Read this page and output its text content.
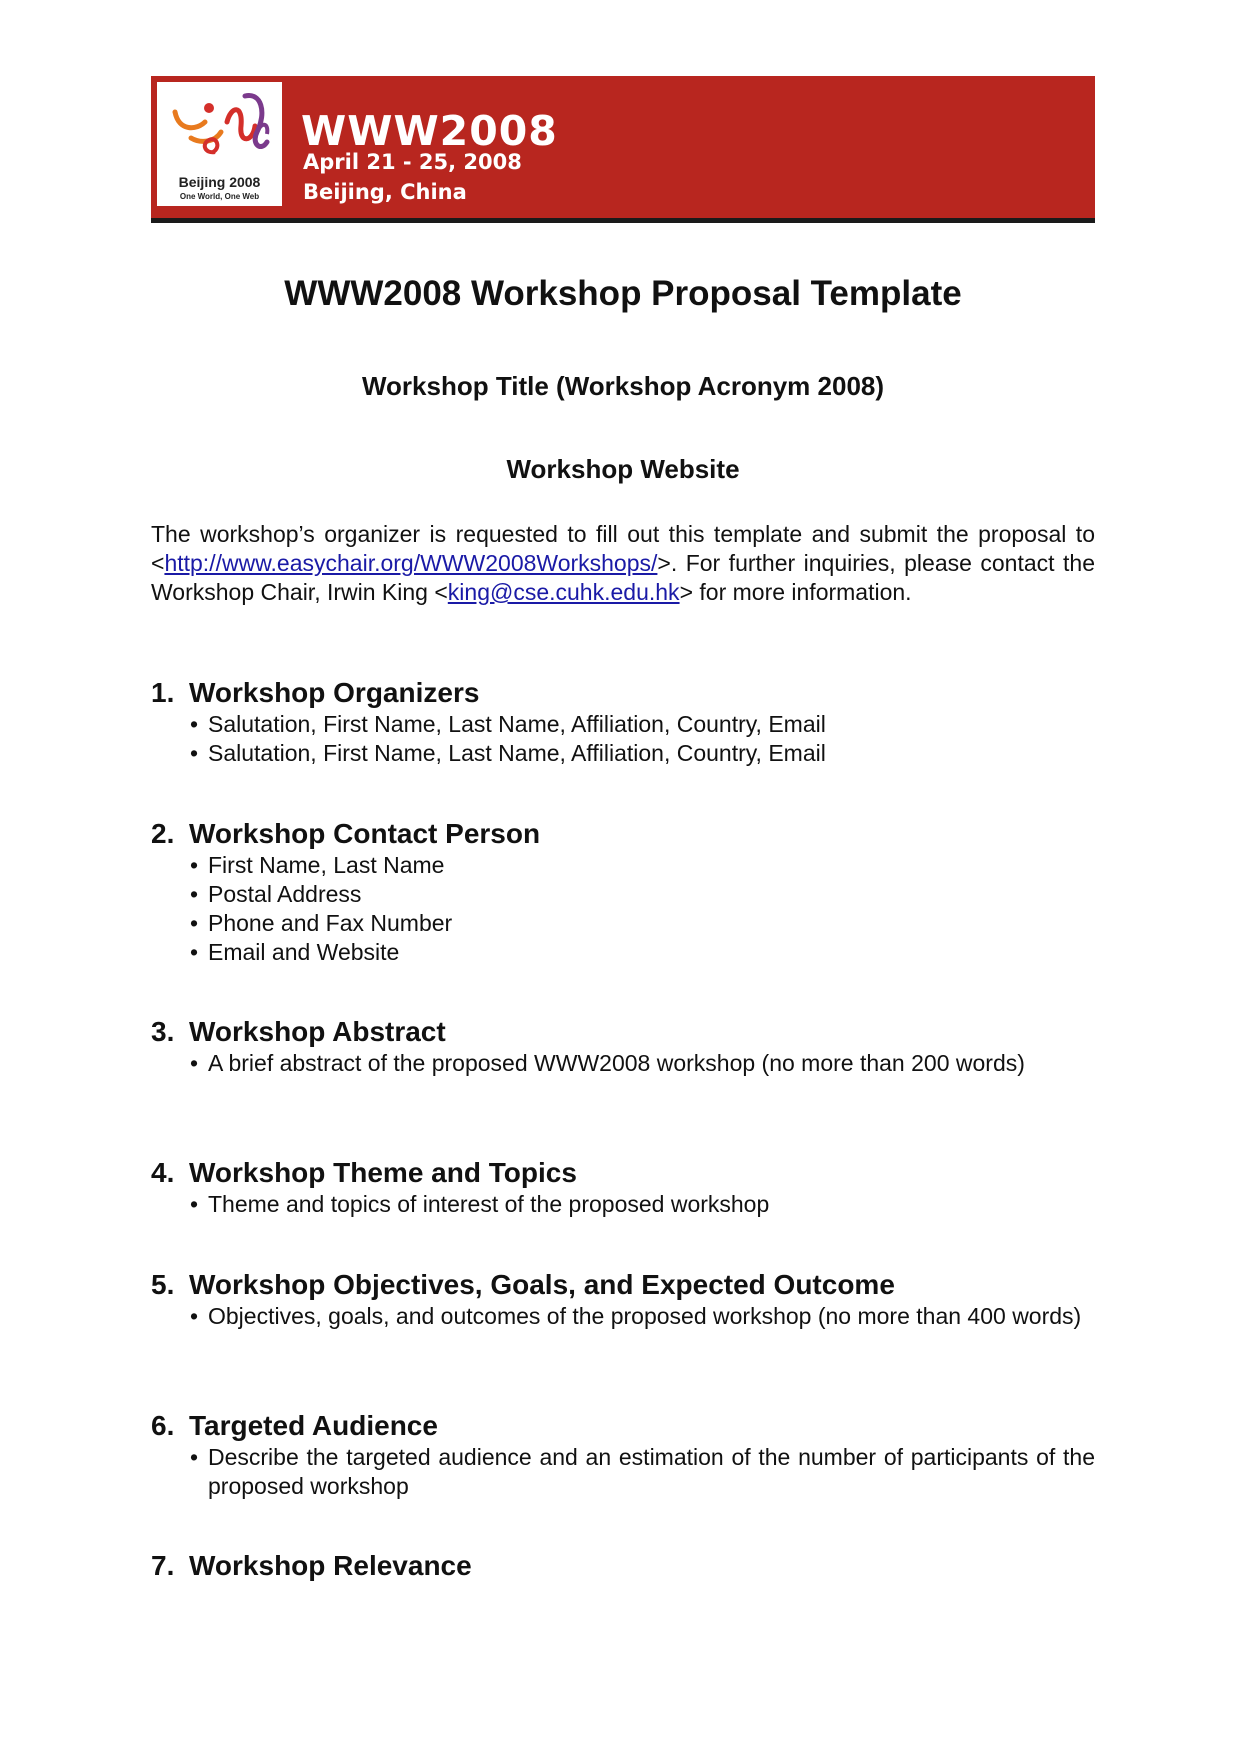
Beijing 2008
One World, One Web
WWW2008
April 21 - 25, 2008
Beijing, China
WWW2008 Workshop Proposal Template
Workshop Title (Workshop Acronym 2008)
Workshop Website

The workshop’s organizer is requested to fill out this template and submit the proposal to <http://www.easychair.org/WWW2008Workshops/>. For further inquiries, please contact the Workshop Chair, Irwin King <king@cse.cuhk.edu.hk> for more information.

1. Workshop Organizers
• Salutation, First Name, Last Name, Affiliation, Country, Email
• Salutation, First Name, Last Name, Affiliation, Country, Email
2. Workshop Contact Person
• First Name, Last Name
• Postal Address
• Phone and Fax Number
• Email and Website
3. Workshop Abstract
• A brief abstract of the proposed WWW2008 workshop (no more than 200 words)
4. Workshop Theme and Topics
• Theme and topics of interest of the proposed workshop
5. Workshop Objectives, Goals, and Expected Outcome
• Objectives, goals, and outcomes of the proposed workshop (no more than 400 words)
6. Targeted Audience
• Describe the targeted audience and an estimation of the number of participants of the proposed workshop
7. Workshop Relevance
